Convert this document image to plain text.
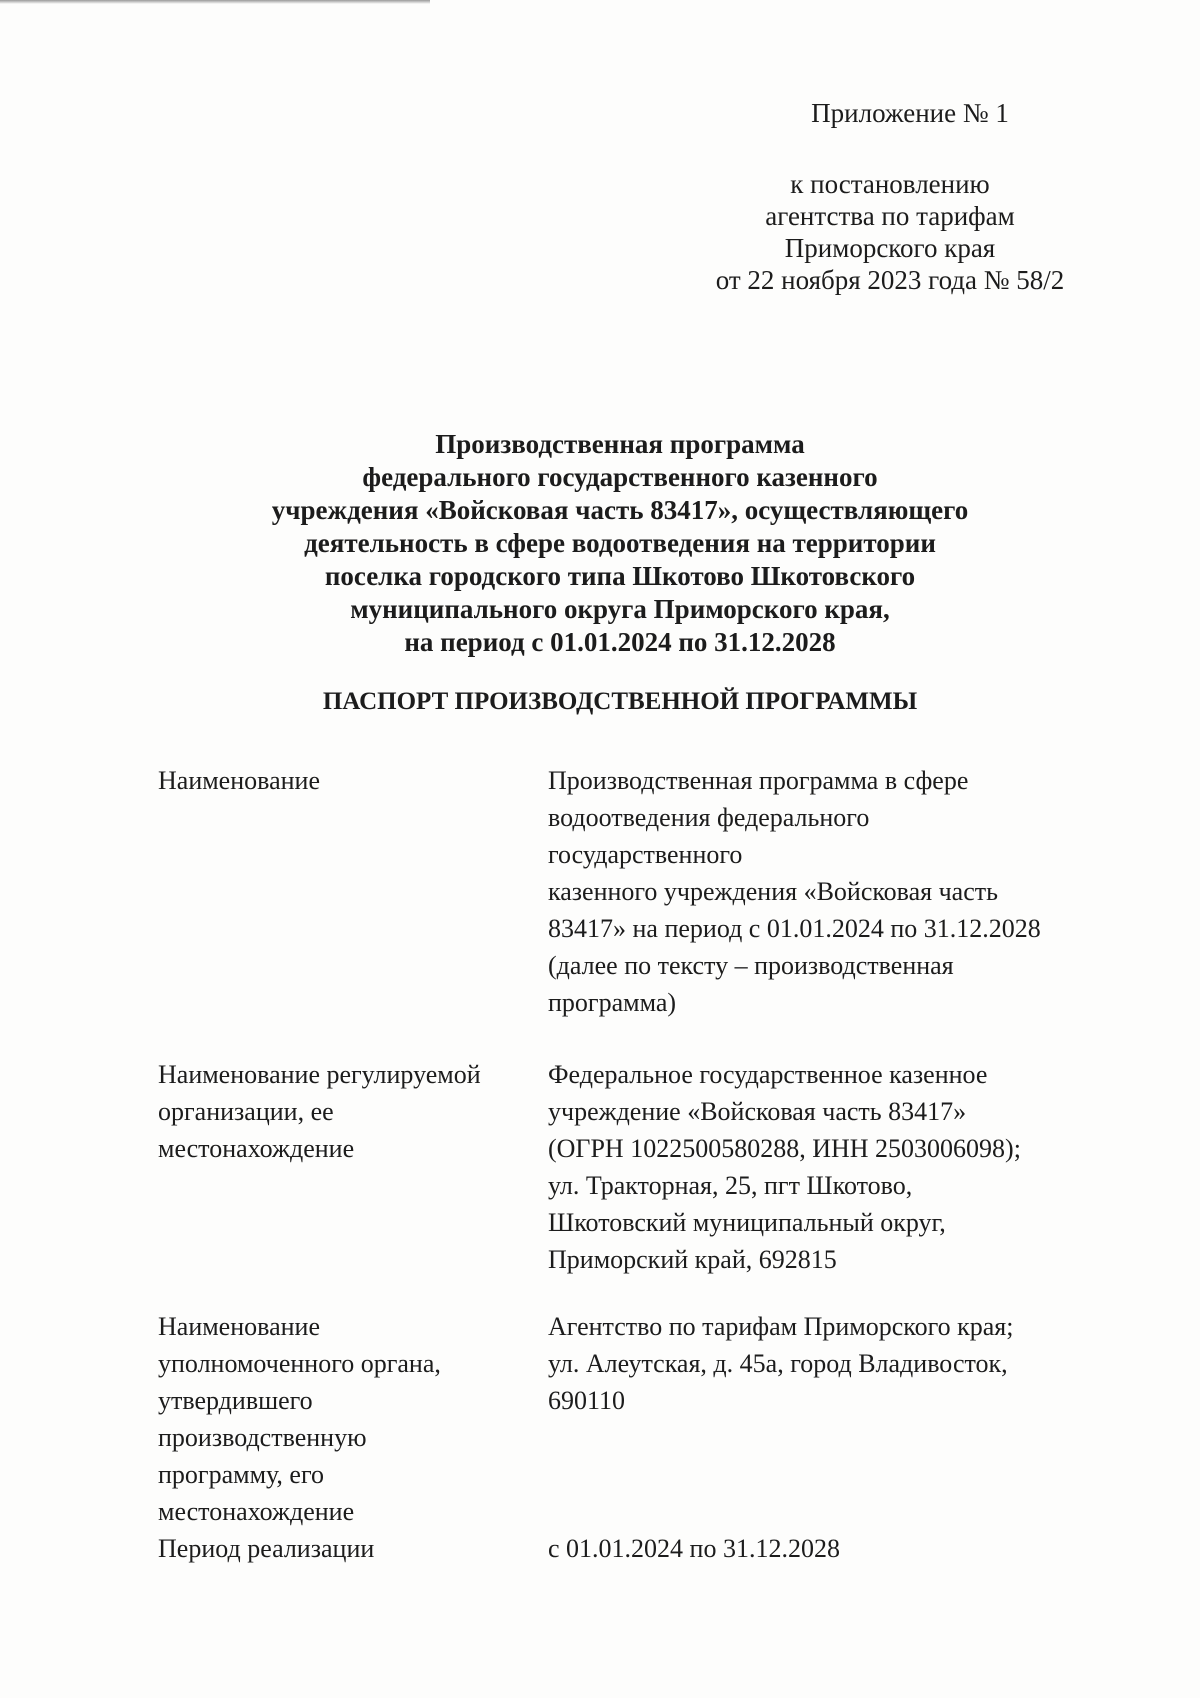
Приложение № 1
к постановлению
агентства по тарифам
Приморского края
от 22 ноября 2023 года № 58/2
Производственная программа
федерального государственного казенного
учреждения «Войсковая часть 83417», осуществляющего
деятельность в сфере водоотведения на территории
поселка городского типа Шкотово Шкотовского
муниципального округа Приморского края,
на период с 01.01.2024 по 31.12.2028
ПАСПОРТ ПРОИЗВОДСТВЕННОЙ ПРОГРАММЫ
Наименование	Производственная программа в сфере
водоотведения федерального
государственного
казенного учреждения «Войсковая часть
83417» на период с 01.01.2024 по 31.12.2028
(далее по тексту – производственная
программа)
Наименование регулируемой
организации, ее
местонахождение
Федеральное государственное казенное
учреждение «Войсковая часть 83417»
(ОГРН 1022500580288, ИНН 2503006098);
ул. Тракторная, 25, пгт Шкотово,
Шкотовский муниципальный округ,
Приморский край, 692815
Наименование
уполномоченного органа,
утвердившего
производственную
программу, его
местонахождение
Агентство по тарифам Приморского края;
ул. Алеутская, д. 45а, город Владивосток,
690110
Период реализации	с 01.01.2024 по 31.12.2028
